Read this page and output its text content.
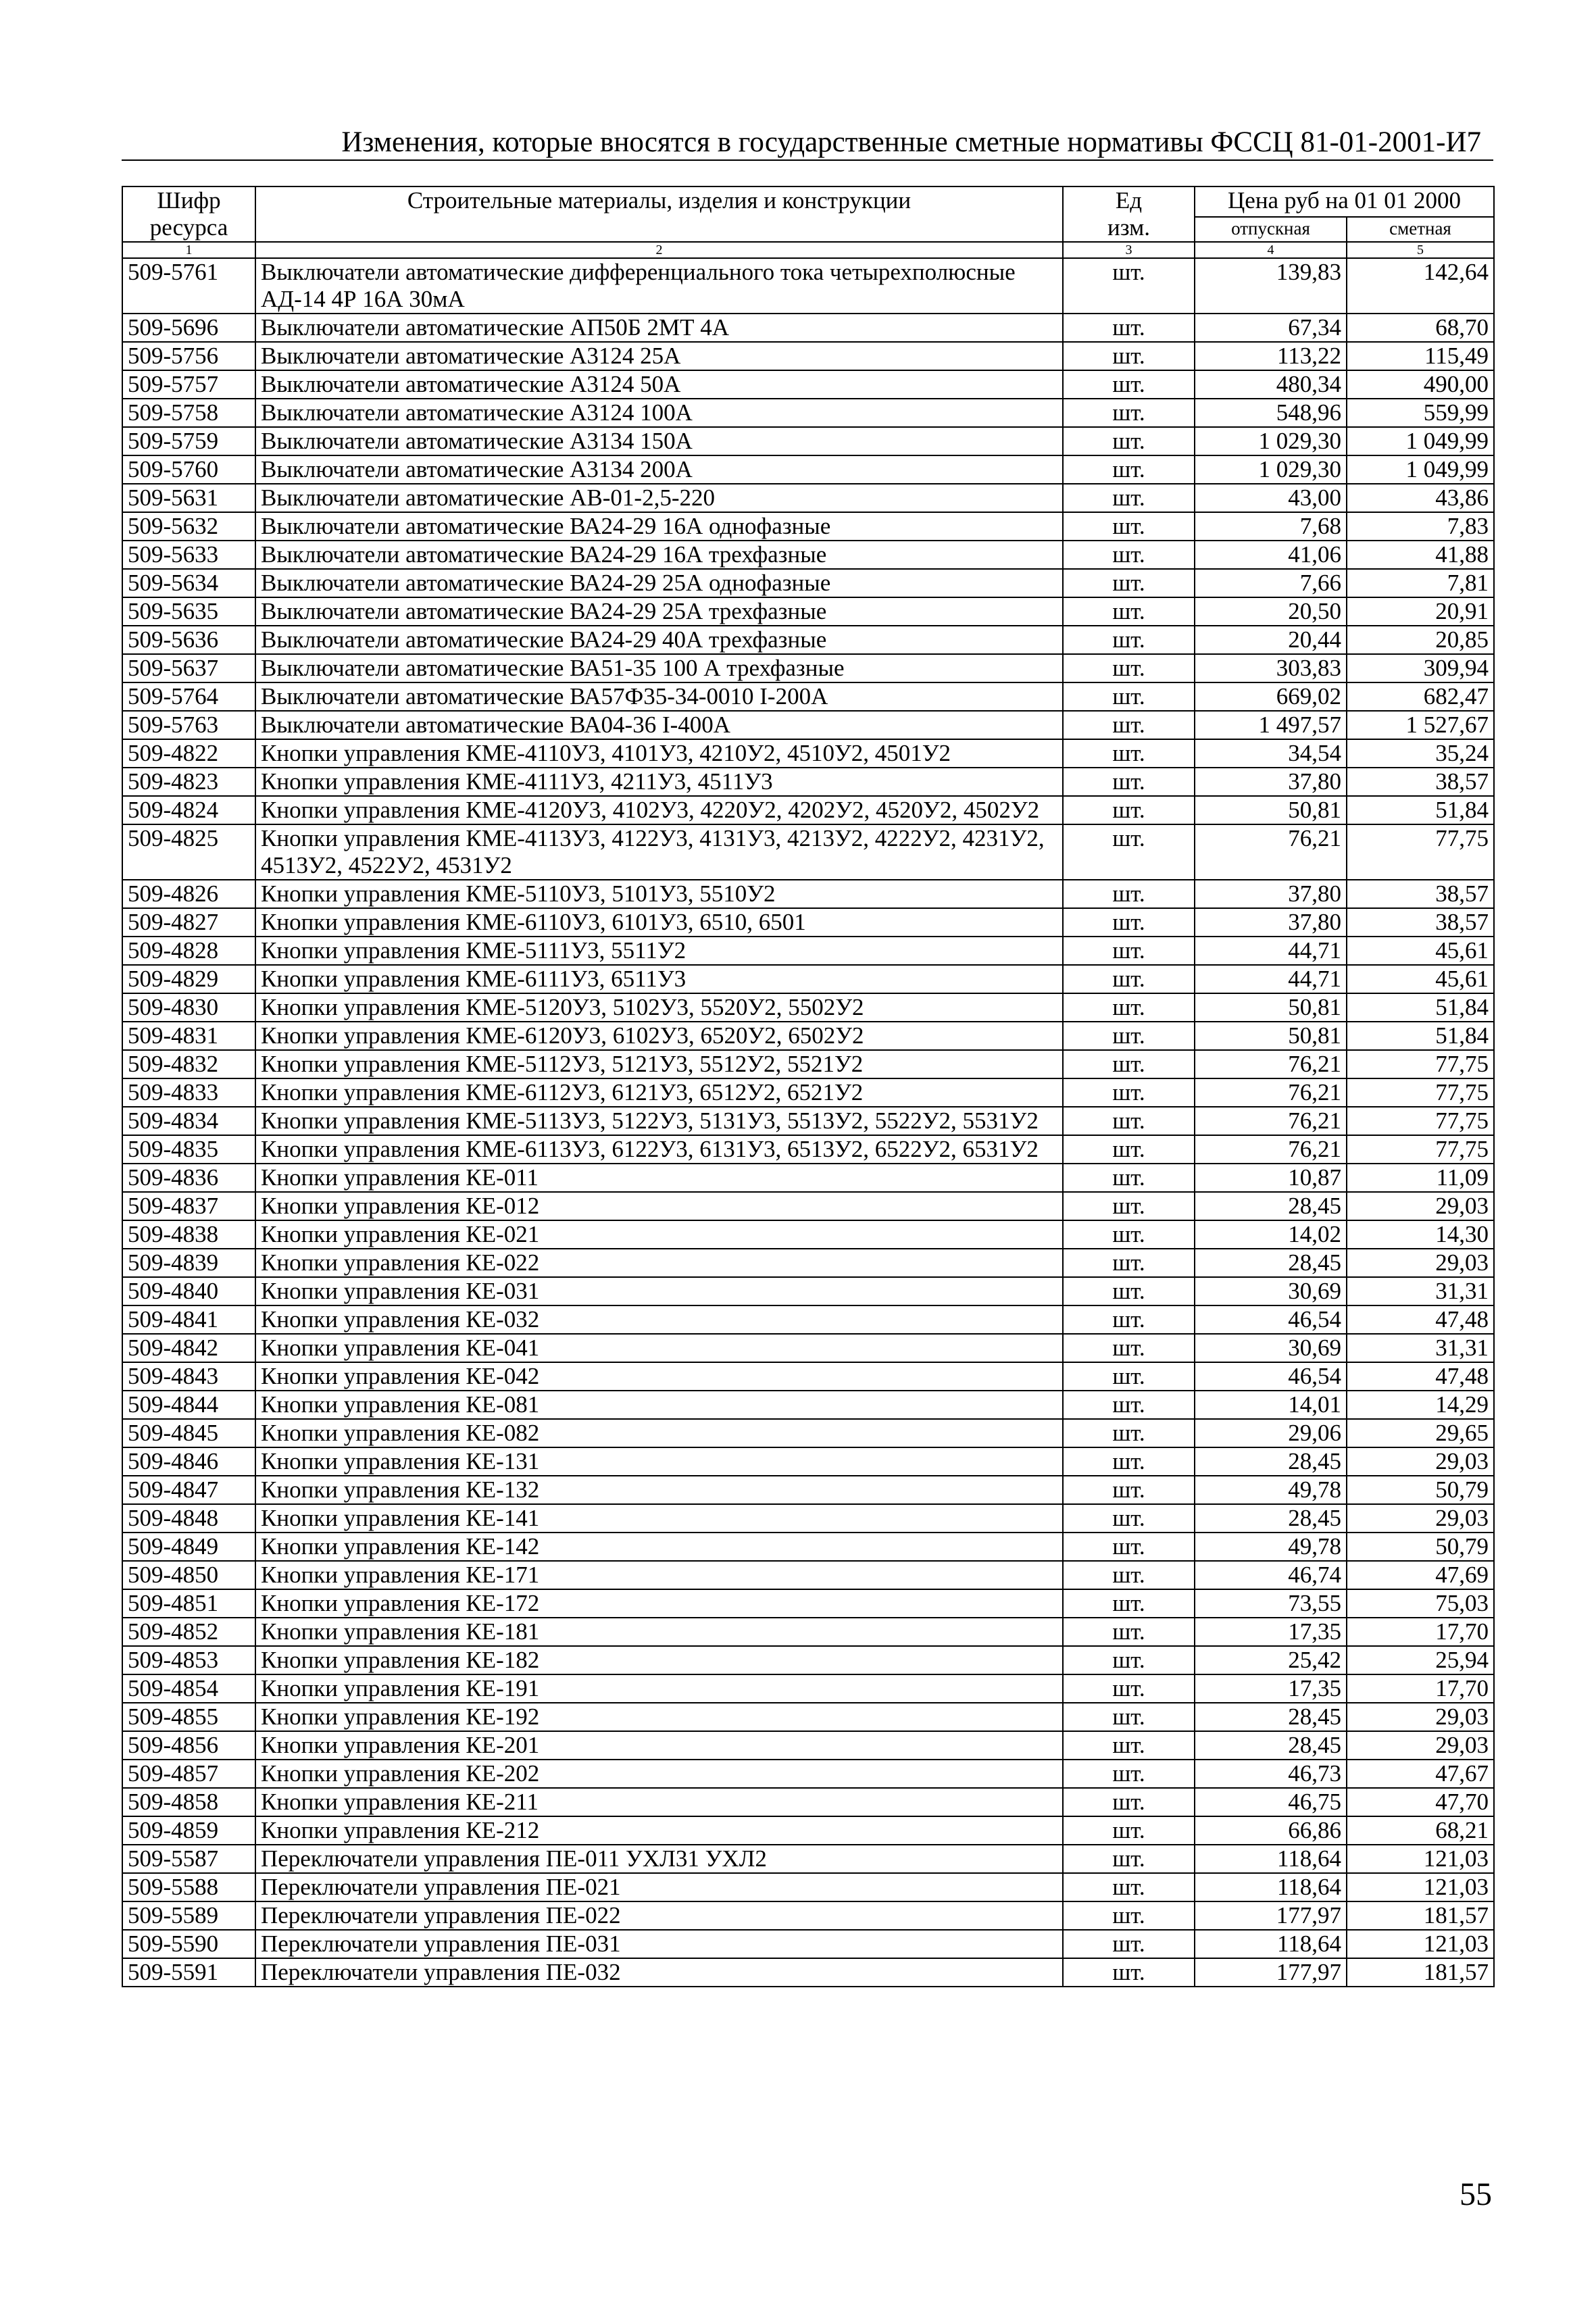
Изменения, которые вносятся в государственные сметные нормативы ФССЦ 81-01-2001-И7
Шифр
ресурса	Строительные материалы, изделия и конструкции	Ед
изм.	Цена руб на 01 01 2000	
			отпускная	сметная
1	2	3	4	5
509-5761	Выключатели автоматические дифференциального тока четырехполюсные АД-14 4Р 16А 30мА	шт.	139,83	142,64
509-5696	Выключатели автоматические АП50Б 2МТ 4А	шт.	67,34	68,70
509-5756	Выключатели автоматические А3124 25А	шт.	113,22	115,49
509-5757	Выключатели автоматические А3124 50А	шт.	480,34	490,00
509-5758	Выключатели автоматические А3124 100А	шт.	548,96	559,99
509-5759	Выключатели автоматические А3134 150А	шт.	1 029,30	1 049,99
509-5760	Выключатели автоматические А3134 200А	шт.	1 029,30	1 049,99
509-5631	Выключатели автоматические АВ-01-2,5-220	шт.	43,00	43,86
509-5632	Выключатели автоматические ВА24-29 16А однофазные	шт.	7,68	7,83
509-5633	Выключатели автоматические ВА24-29 16А трехфазные	шт.	41,06	41,88
509-5634	Выключатели автоматические ВА24-29 25А однофазные	шт.	7,66	7,81
509-5635	Выключатели автоматические ВА24-29 25А трехфазные	шт.	20,50	20,91
509-5636	Выключатели автоматические ВА24-29 40А трехфазные	шт.	20,44	20,85
509-5637	Выключатели автоматические ВА51-35 100 А трехфазные	шт.	303,83	309,94
509-5764	Выключатели автоматические ВА57Ф35-34-0010 I-200А	шт.	669,02	682,47
509-5763	Выключатели автоматические ВА04-36 I-400А	шт.	1 497,57	1 527,67
509-4822	Кнопки управления КМЕ-4110У3, 4101У3, 4210У2, 4510У2, 4501У2	шт.	34,54	35,24
509-4823	Кнопки управления КМЕ-4111У3, 4211У3, 4511У3	шт.	37,80	38,57
509-4824	Кнопки управления КМЕ-4120У3, 4102У3, 4220У2, 4202У2, 4520У2, 4502У2	шт.	50,81	51,84
509-4825	Кнопки управления КМЕ-4113У3, 4122У3, 4131У3, 4213У2, 4222У2, 4231У2, 4513У2, 4522У2, 4531У2	шт.	76,21	77,75
509-4826	Кнопки управления КМЕ-5110У3, 5101У3, 5510У2	шт.	37,80	38,57
509-4827	Кнопки управления КМЕ-6110У3, 6101У3, 6510, 6501	шт.	37,80	38,57
509-4828	Кнопки управления КМЕ-5111У3, 5511У2	шт.	44,71	45,61
509-4829	Кнопки управления КМЕ-6111У3, 6511У3	шт.	44,71	45,61
509-4830	Кнопки управления КМЕ-5120У3, 5102У3, 5520У2, 5502У2	шт.	50,81	51,84
509-4831	Кнопки управления КМЕ-6120У3, 6102У3, 6520У2, 6502У2	шт.	50,81	51,84
509-4832	Кнопки управления КМЕ-5112У3, 5121У3, 5512У2, 5521У2	шт.	76,21	77,75
509-4833	Кнопки управления КМЕ-6112У3, 6121У3, 6512У2, 6521У2	шт.	76,21	77,75
509-4834	Кнопки управления КМЕ-5113У3, 5122У3, 5131У3, 5513У2, 5522У2, 5531У2	шт.	76,21	77,75
509-4835	Кнопки управления КМЕ-6113У3, 6122У3, 6131У3, 6513У2, 6522У2, 6531У2	шт.	76,21	77,75
509-4836	Кнопки управления КЕ-011	шт.	10,87	11,09
509-4837	Кнопки управления КЕ-012	шт.	28,45	29,03
509-4838	Кнопки управления КЕ-021	шт.	14,02	14,30
509-4839	Кнопки управления КЕ-022	шт.	28,45	29,03
509-4840	Кнопки управления КЕ-031	шт.	30,69	31,31
509-4841	Кнопки управления КЕ-032	шт.	46,54	47,48
509-4842	Кнопки управления КЕ-041	шт.	30,69	31,31
509-4843	Кнопки управления КЕ-042	шт.	46,54	47,48
509-4844	Кнопки управления КЕ-081	шт.	14,01	14,29
509-4845	Кнопки управления КЕ-082	шт.	29,06	29,65
509-4846	Кнопки управления КЕ-131	шт.	28,45	29,03
509-4847	Кнопки управления КЕ-132	шт.	49,78	50,79
509-4848	Кнопки управления КЕ-141	шт.	28,45	29,03
509-4849	Кнопки управления КЕ-142	шт.	49,78	50,79
509-4850	Кнопки управления КЕ-171	шт.	46,74	47,69
509-4851	Кнопки управления КЕ-172	шт.	73,55	75,03
509-4852	Кнопки управления КЕ-181	шт.	17,35	17,70
509-4853	Кнопки управления КЕ-182	шт.	25,42	25,94
509-4854	Кнопки управления КЕ-191	шт.	17,35	17,70
509-4855	Кнопки управления КЕ-192	шт.	28,45	29,03
509-4856	Кнопки управления КЕ-201	шт.	28,45	29,03
509-4857	Кнопки управления КЕ-202	шт.	46,73	47,67
509-4858	Кнопки управления КЕ-211	шт.	46,75	47,70
509-4859	Кнопки управления КЕ-212	шт.	66,86	68,21
509-5587	Переключатели управления ПЕ-011 УХЛ31 УХЛ2	шт.	118,64	121,03
509-5588	Переключатели управления ПЕ-021	шт.	118,64	121,03
509-5589	Переключатели управления ПЕ-022	шт.	177,97	181,57
509-5590	Переключатели управления ПЕ-031	шт.	118,64	121,03
509-5591	Переключатели управления ПЕ-032	шт.	177,97	181,57
55
